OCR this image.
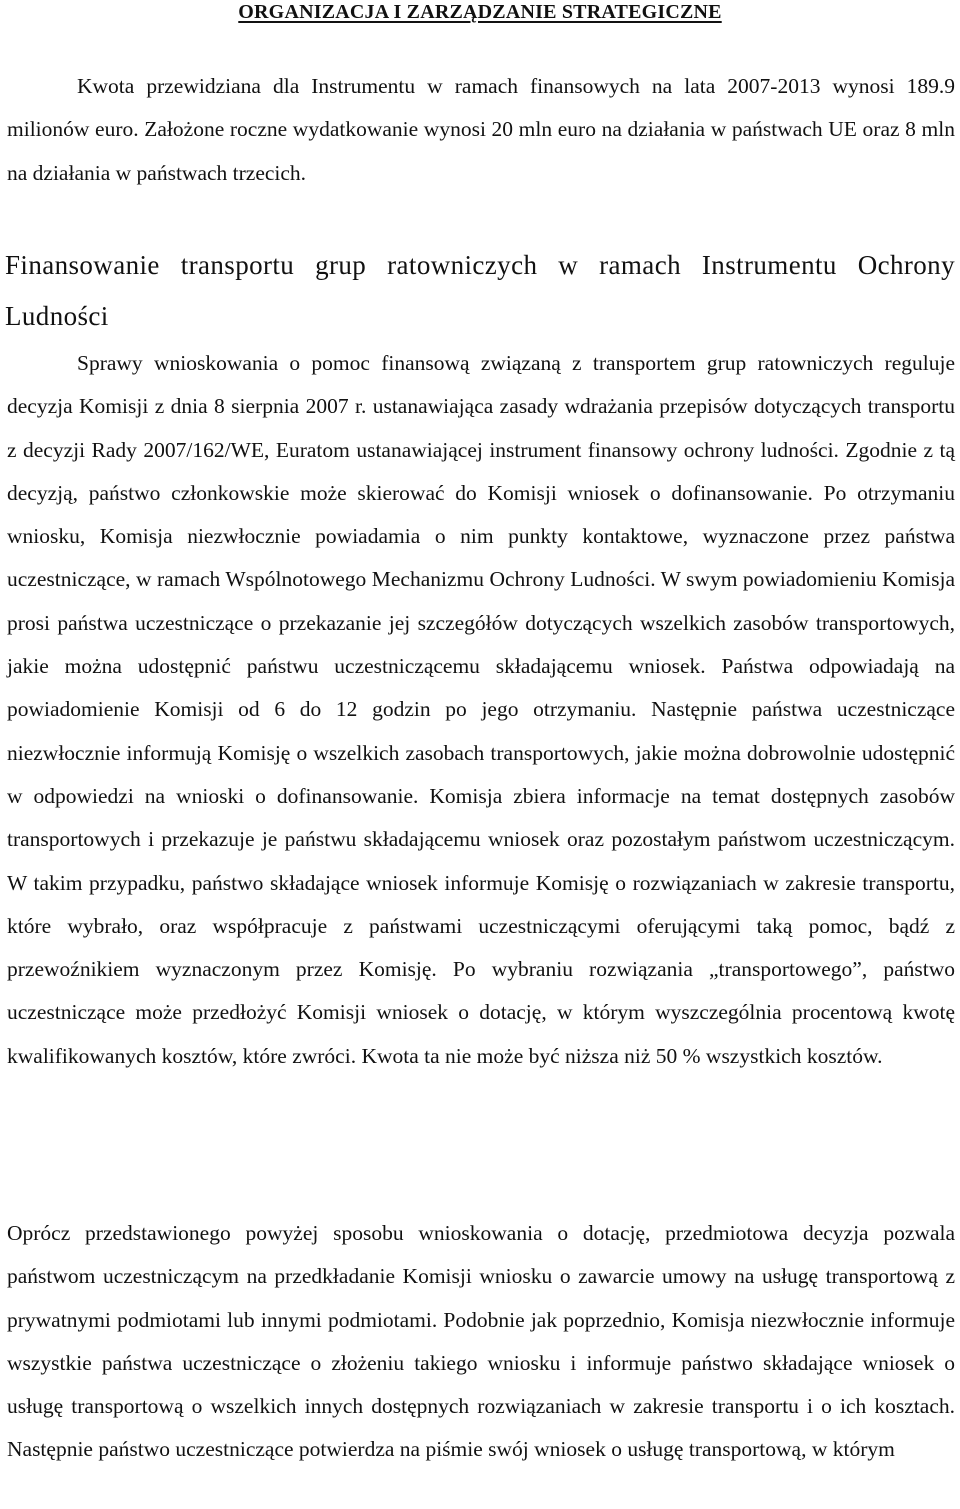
ORGANIZACJA I ZARZĄDZANIE STRATEGICZNE
Kwota przewidziana dla Instrumentu w ramach finansowych na lata 2007-2013 wynosi 189.9 milionów euro. Założone roczne wydatkowanie wynosi 20 mln euro na działania w państwach UE oraz 8 mln na działania w państwach trzecich.
Finansowanie transportu grup ratowniczych w ramach Instrumentu Ochrony Ludności
Sprawy wnioskowania o pomoc finansową związaną z transportem grup ratowniczych reguluje decyzja Komisji z dnia 8 sierpnia 2007 r. ustanawiająca zasady wdrażania przepisów dotyczących transportu z decyzji Rady 2007/162/WE, Euratom ustanawiającej instrument finansowy ochrony ludności. Zgodnie z tą decyzją, państwo członkowskie może skierować do Komisji wniosek o dofinansowanie. Po otrzymaniu wniosku, Komisja niezwłocznie powiadamia o nim punkty kontaktowe, wyznaczone przez państwa uczestniczące, w ramach Wspólnotowego Mechanizmu Ochrony Ludności. W swym powiadomieniu Komisja prosi państwa uczestniczące o przekazanie jej szczegółów dotyczących wszelkich zasobów transportowych, jakie można udostępnić państwu uczestniczącemu składającemu wniosek. Państwa odpowiadają na powiadomienie Komisji od 6 do 12 godzin po jego otrzymaniu. Następnie państwa uczestniczące niezwłocznie informują Komisję o wszelkich zasobach transportowych, jakie można dobrowolnie udostępnić w odpowiedzi na wnioski o dofinansowanie. Komisja zbiera informacje na temat dostępnych zasobów transportowych i przekazuje je państwu składającemu wniosek oraz pozostałym państwom uczestniczącym. W takim przypadku, państwo składające wniosek informuje Komisję o rozwiązaniach w zakresie transportu, które wybrało, oraz współpracuje z państwami uczestniczącymi oferującymi taką pomoc, bądź z przewoźnikiem wyznaczonym przez Komisję. Po wybraniu rozwiązania „transportowego”, państwo uczestniczące może przedłożyć Komisji wniosek o dotację, w którym wyszczególnia procentową kwotę kwalifikowanych kosztów, które zwróci. Kwota ta nie może być niższa niż 50 % wszystkich kosztów.
Oprócz przedstawionego powyżej sposobu wnioskowania o dotację, przedmiotowa decyzja pozwala państwom uczestniczącym na przedkładanie Komisji wniosku o zawarcie umowy na usługę transportową z prywatnymi podmiotami lub innymi podmiotami. Podobnie jak poprzednio, Komisja niezwłocznie informuje wszystkie państwa uczestniczące o złożeniu takiego wniosku i informuje państwo składające wniosek o usługę transportową o wszelkich innych dostępnych rozwiązaniach w zakresie transportu i o ich kosztach. Następnie państwo uczestniczące potwierdza na piśmie swój wniosek o usługę transportową, w którym
